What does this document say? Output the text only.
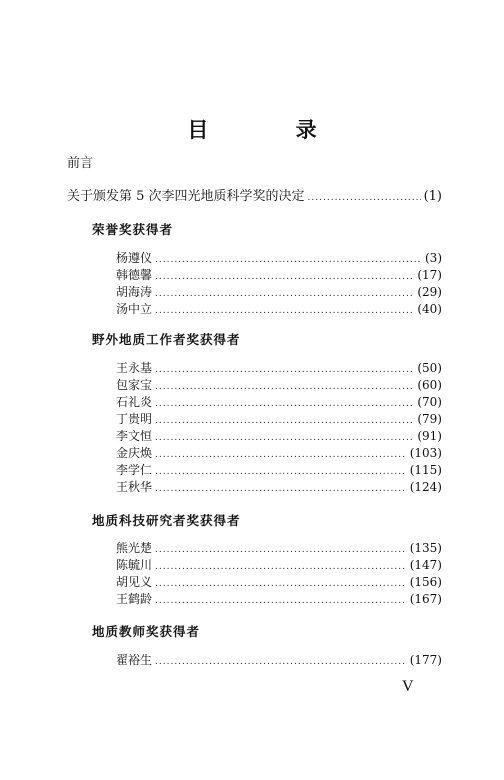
目 录
前言
关于颁发第 5 次李四光地质科学奖的决定 .....	(1)
荣誉奖获得者
杨遵仪 .....	(3)
韩德馨 .....	(17)
胡海涛 .....	(29)
汤中立 .....	(40)
野外地质工作者奖获得者
王永基 .....	(50)
包家宝 .....	(60)
石礼炎 .....	(70)
丁贵明 .....	(79)
李文恒 .....	(91)
金庆焕 .....	(103)
李学仁 .....	(115)
王秋华 .....	(124)
地质科技研究者奖获得者
熊光楚 .....	(135)
陈毓川 .....	(147)
胡见义 .....	(156)
王鹤龄 .....	(167)
地质教师奖获得者
翟裕生 .....	(177)
V
